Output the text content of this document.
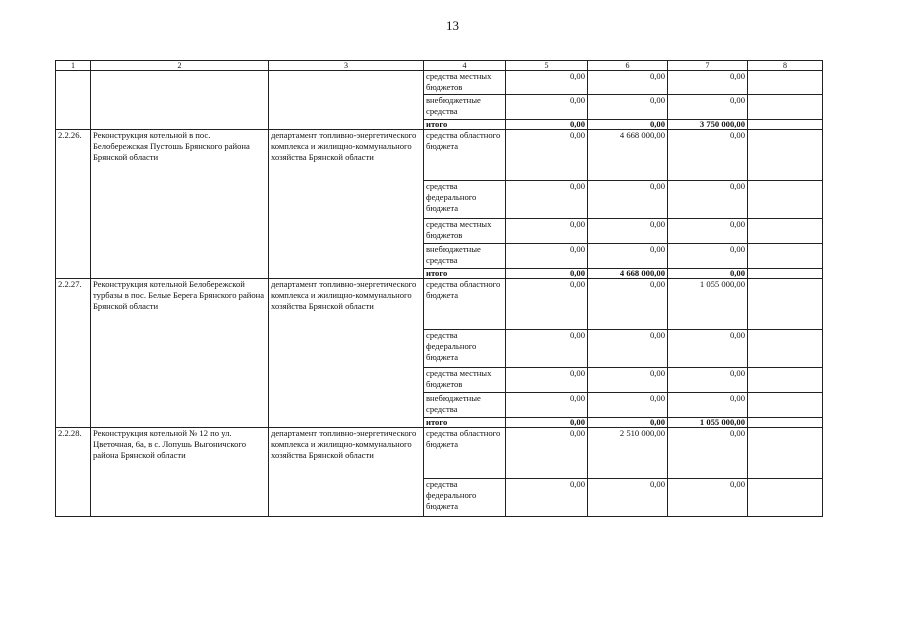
13
1	2	3	4	5	6	7	8
			средства местных бюджетов	0,00	0,00	0,00	
			внебюджетные средства	0,00	0,00	0,00	
			итого	0,00	0,00	3 750 000,00	
2.2.26.	Реконструкция котельной в пос. Белобережская Пустошь Брянского района Брянской области	департамент топливно-энергетического комплекса и жилищно-коммунального хозяйства Брянской области	средства областного бюджета	0,00	4 668 000,00	0,00	
			средства федерального бюджета	0,00	0,00	0,00	
			средства местных бюджетов	0,00	0,00	0,00	
			внебюджетные средства	0,00	0,00	0,00	
			итого	0,00	4 668 000,00	0,00	
2.2.27.	Реконструкция котельной Белобережской турбазы в пос. Белые Берега Брянского района Брянской области	департамент топливно-энергетического комплекса и жилищно-коммунального хозяйства Брянской области	средства областного бюджета	0,00	0,00	1 055 000,00	
			средства федерального бюджета	0,00	0,00	0,00	
			средства местных бюджетов	0,00	0,00	0,00	
			внебюджетные средства	0,00	0,00	0,00	
			итого	0,00	0,00	1 055 000,00	
2.2.28.	Реконструкция котельной № 12 по ул. Цветочная, 6а, в с. Лопушь Выгоничского района Брянской области	департамент топливно-энергетического комплекса и жилищно-коммунального хозяйства Брянской области	средства областного бюджета	0,00	2 510 000,00	0,00	
			средства федерального бюджета	0,00	0,00	0,00	
